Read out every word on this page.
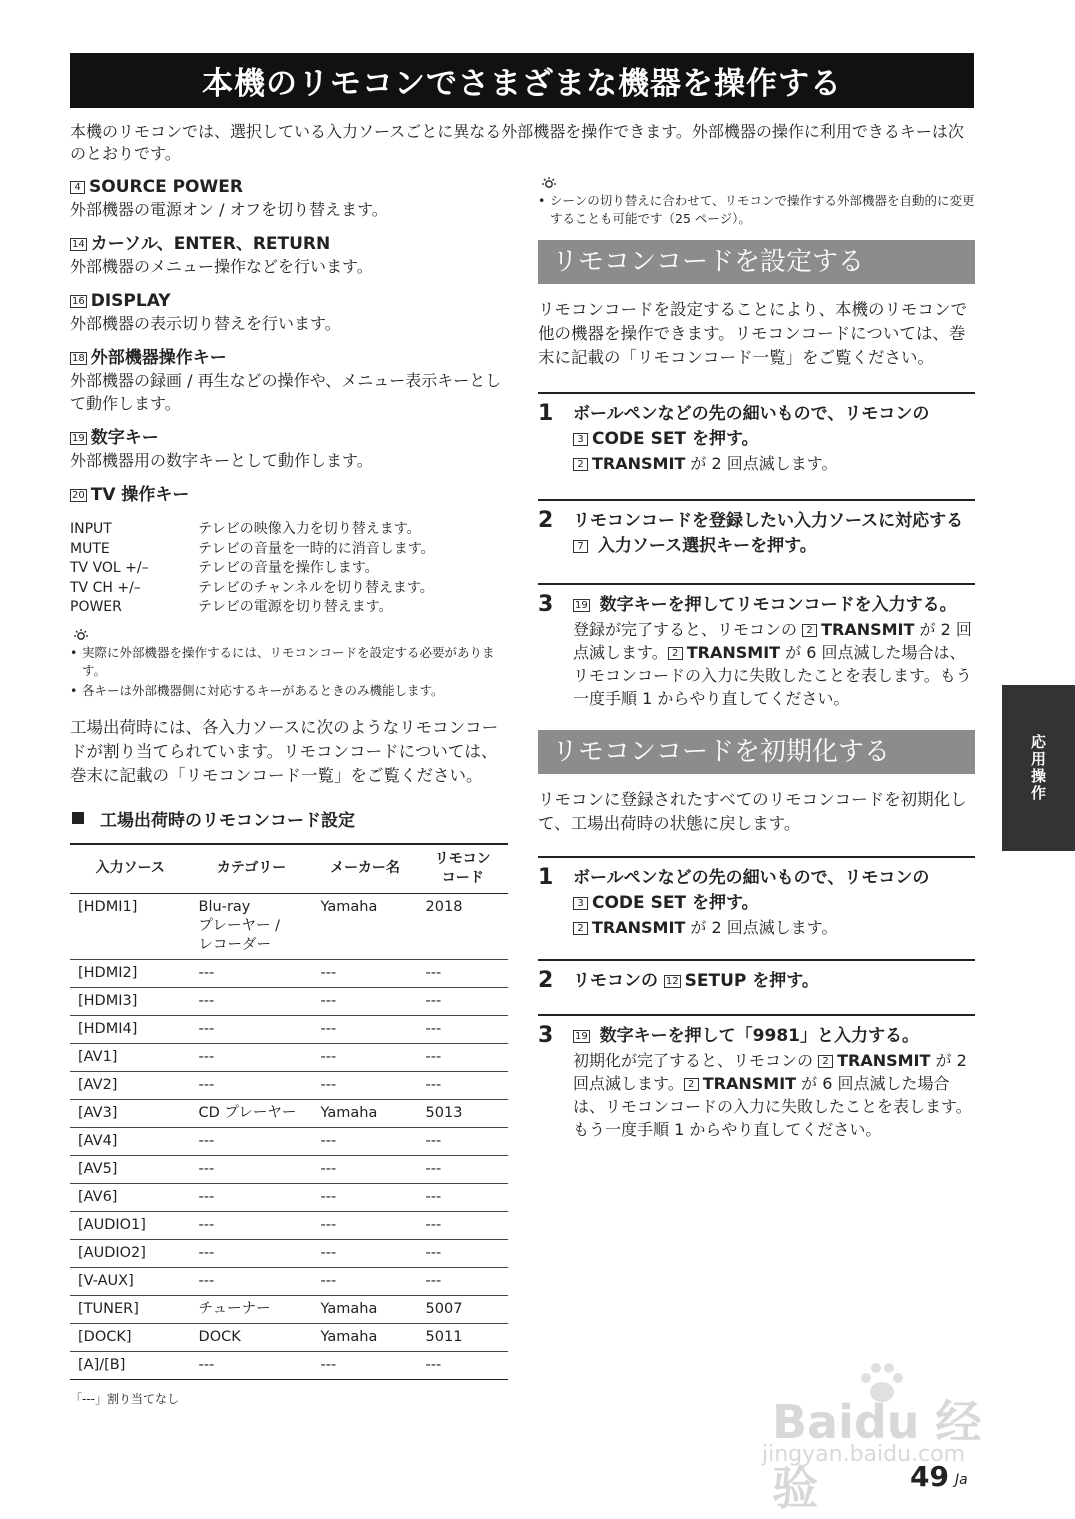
本機のリモコンでさまざまな機器を操作する

本機のリモコンでは、選択している入力ソースごとに異なる外部機器を操作できます。外部機器の操作に利用できるキーは次のとおりです。

4 SOURCE POWER

外部機器の電源オン / オフを切り替えます。

14 カーソル、ENTER、RETURN

外部機器のメニュー操作などを行います。

16 DISPLAY

外部機器の表示切り替えを行います。

18 外部機器操作キー

外部機器の録画 / 再生などの操作や、メニュー表示キーとして動作します。

19 数字キー

外部機器用の数字キーとして動作します。

20 TV 操作キー

INPUT	テレビの映像入力を切り替えます。
MUTE	テレビの音量を一時的に消音します。
TV VOL +/–	テレビの音量を操作します。
TV CH +/–	テレビのチャンネルを切り替えます。
POWER	テレビの電源を切り替えます。
• 実際に外部機器を操作するには、リモコンコードを設定する必要があります。
• 各キーは外部機器側に対応するキーがあるときのみ機能します。

工場出荷時には、各入力ソースに次のようなリモコンコードが割り当てられています。リモコンコードについては、巻末に記載の「リモコンコード一覧」をご覧ください。

工場出荷時のリモコンコード設定
入力ソース	カテゴリー	メーカー名	リモコン
コード
[HDMI1]	Blu-ray
プレーヤー /
レコーダー	Yamaha	2018
[HDMI2]	---	---	---
[HDMI3]	---	---	---
[HDMI4]	---	---	---
[AV1]	---	---	---
[AV2]	---	---	---
[AV3]	CD プレーヤー	Yamaha	5013
[AV4]	---	---	---
[AV5]	---	---	---
[AV6]	---	---	---
[AUDIO1]	---	---	---
[AUDIO2]	---	---	---
[V-AUX]	---	---	---
[TUNER]	チューナー	Yamaha	5007
[DOCK]	DOCK	Yamaha	5011
[A]/[B]	---	---	---
「---」割り当てなし
• シーンの切り替えに合わせて、リモコンで操作する外部機器を自動的に変更することも可能です（25 ページ）。
リモコンコードを設定する

リモコンコードを設定することにより、本機のリモコンで他の機器を操作できます。リモコンコードについては、巻末に記載の「リモコンコード一覧」をご覧ください。

1	ボールペンなどの先の細いもので、リモコンの
3 CODE SET を押す。

2 TRANSMIT が 2 回点滅します。

2	リモコンコードを登録したい入力ソースに対応する 7 入力ソース選択キーを押す。

3	19 数字キーを押してリモコンコードを入力する。

登録が完了すると、リモコンの 2 TRANSMIT が 2 回点滅します。 2 TRANSMIT が 6 回点滅した場合は、リモコンコードの入力に失敗したことを表します。もう一度手順 1 からやり直してください。

リモコンコードを初期化する

リモコンに登録されたすべてのリモコンコードを初期化して、工場出荷時の状態に戻します。

1	ボールペンなどの先の細いもので、リモコンの
3 CODE SET を押す。

2 TRANSMIT が 2 回点滅します。

2	リモコンの 12 SETUP を押す。

3	19 数字キーを押して「9981」と入力する。

初期化が完了すると、リモコンの 2 TRANSMIT が 2 回点滅します。 2 TRANSMIT が 6 回点滅した場合は、リモコンコードの入力に失敗したことを表します。もう一度手順 1 からやり直してください。

応用操作
Baidu 经验
jingyan.baidu.com
49 Ja
